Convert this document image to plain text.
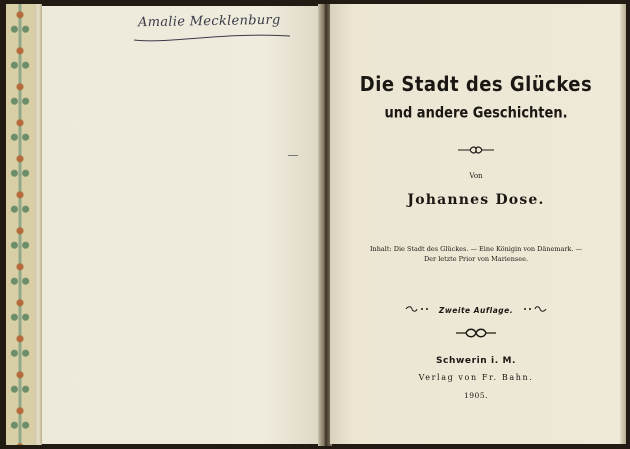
Amalie Mecklenburg
Die Stadt des Glückes
und andere Geschichten.
Von
Johannes Dose.
Inhalt: Die Stadt des Glückes. — Eine Königin von Dänemark. —
Der letzte Prior von Mariensee.
Zweite Auflage.
Schwerin i. M.
Verlag von Fr. Bahn.
1905.
